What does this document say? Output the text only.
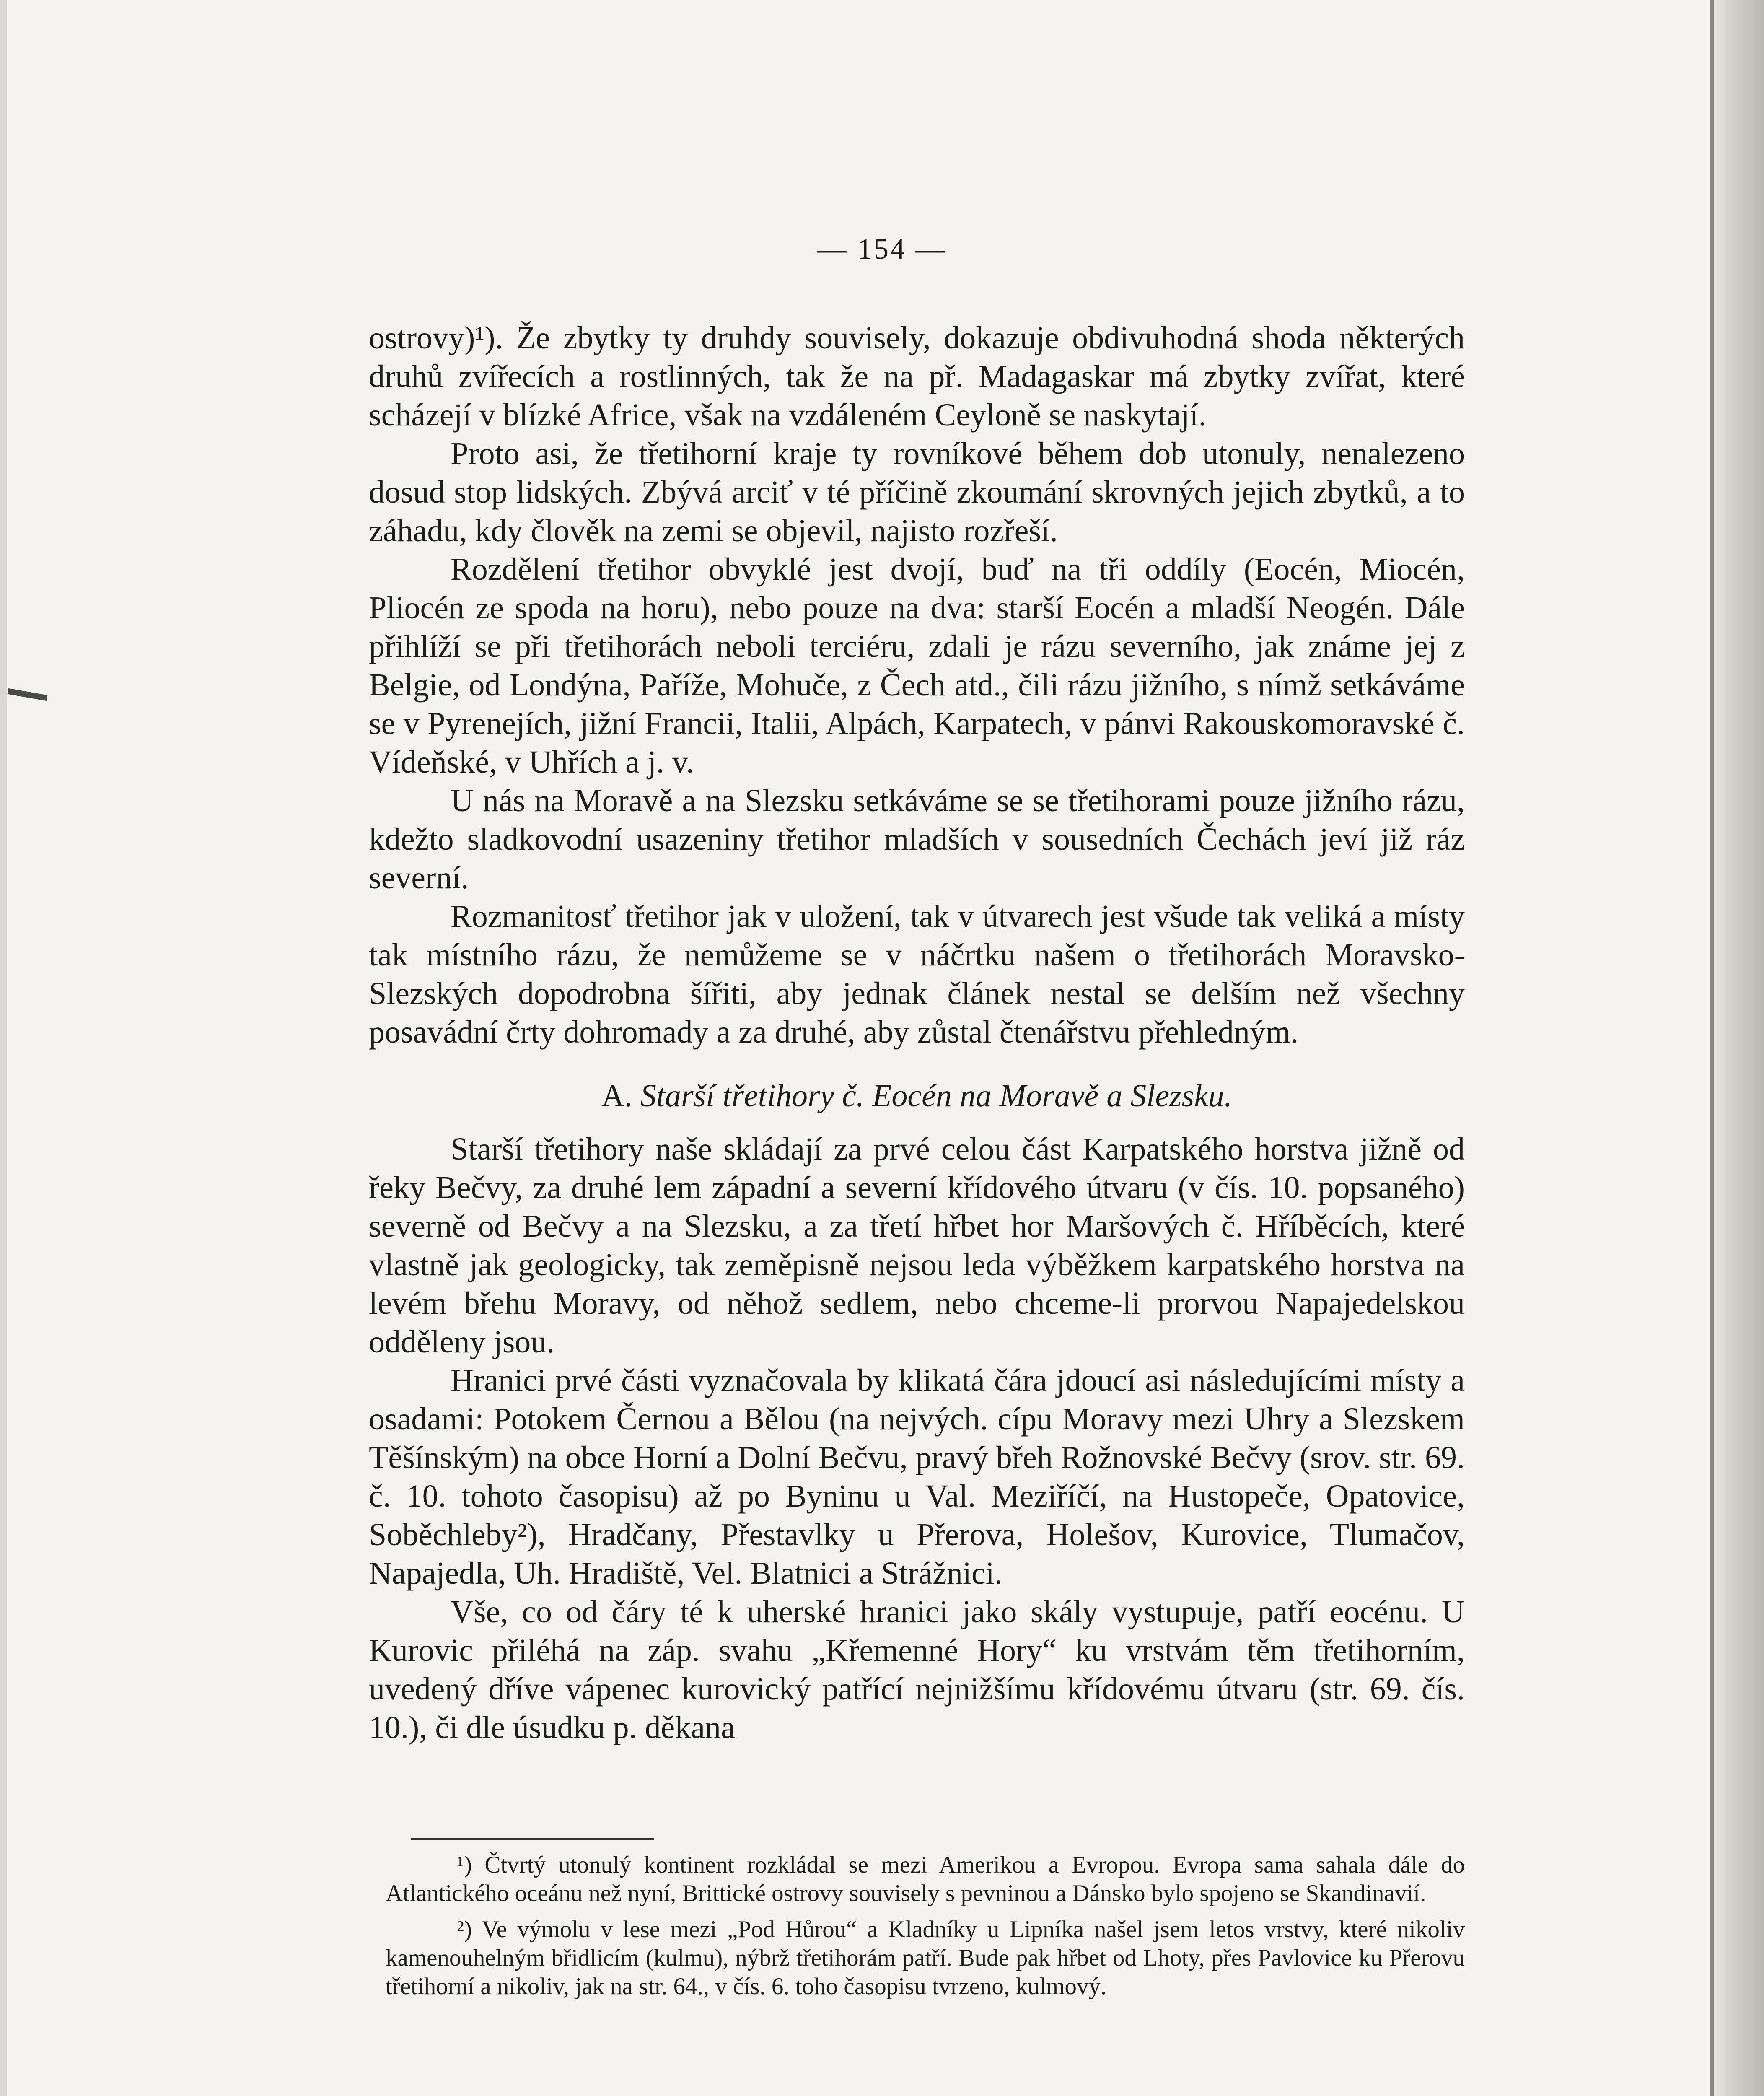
— 154 —

ostrovy)¹). Že zbytky ty druhdy souvisely, dokazuje obdivuhodná shoda některých druhů zvířecích a rostlinných, tak že na př. Madagaskar má zbytky zvířat, které scházejí v blízké Africe, však na vzdáleném Ceyloně se naskytají.

Proto asi, že třetihorní kraje ty rovníkové během dob utonuly, nenalezeno dosud stop lidských. Zbývá arciť v té příčině zkoumání skrovných jejich zbytků, a to záhadu, kdy člověk na zemi se objevil, najisto rozřeší.

Rozdělení třetihor obvyklé jest dvojí, buď na tři oddíly (Eocén, Miocén, Pliocén ze spoda na horu), nebo pouze na dva: starší Eocén a mladší Neogén. Dále přihlíží se při třetihorách neboli terciéru, zdali je rázu severního, jak známe jej z Belgie, od Londýna, Paříže, Mohuče, z Čech atd., čili rázu jižního, s nímž setkáváme se v Pyrenejích, jižní Francii, Italii, Alpách, Karpatech, v pánvi Rakouskomoravské č. Vídeňské, v Uhřích a j. v.

U nás na Moravě a na Slezsku setkáváme se se třetihorami pouze jižního rázu, kdežto sladkovodní usazeniny třetihor mladších v sousedních Čechách jeví již ráz severní.

Rozmanitosť třetihor jak v uložení, tak v útvarech jest všude tak veliká a místy tak místního rázu, že nemůžeme se v náčrtku našem o třetihorách Moravsko-Slezských dopodrobna šířiti, aby jednak článek nestal se delším než všechny posavádní črty dohromady a za druhé, aby zůstal čtenářstvu přehledným.

A. Starší třetihory č. Eocén na Moravě a Slezsku.

Starší třetihory naše skládají za prvé celou část Karpatského horstva jižně od řeky Bečvy, za druhé lem západní a severní křídového útvaru (v čís. 10. popsaného) severně od Bečvy a na Slezsku, a za třetí hřbet hor Maršových č. Hříběcích, které vlastně jak geologicky, tak zeměpisně nejsou leda výběžkem karpatského horstva na levém břehu Moravy, od něhož sedlem, nebo chceme-li prorvou Napajedelskou odděleny jsou.

Hranici prvé části vyznačovala by klikatá čára jdoucí asi následujícími místy a osadami: Potokem Černou a Bělou (na nejvých. cípu Moravy mezi Uhry a Slezskem Těšínským) na obce Horní a Dolní Bečvu, pravý břeh Rožnovské Bečvy (srov. str. 69. č. 10. tohoto časopisu) až po Byninu u Val. Meziříčí, na Hustopeče, Opatovice, Soběchleby²), Hradčany, Přestavlky u Přerova, Holešov, Kurovice, Tlumačov, Napajedla, Uh. Hradiště, Vel. Blatnici a Strážnici.

Vše, co od čáry té k uherské hranici jako skály vystupuje, patří eocénu. U Kurovic přiléhá na záp. svahu „Křemenné Hory“ ku vrstvám těm třetihorním, uvedený dříve vápenec kurovický patřící nejnižšímu křídovému útvaru (str. 69. čís. 10.), či dle úsudku p. děkana

¹) Čtvrtý utonulý kontinent rozkládal se mezi Amerikou a Evropou. Evropa sama sahala dále do Atlantického oceánu než nyní, Brittické ostrovy souvisely s pevninou a Dánsko bylo spojeno se Skandinavií.

²) Ve výmolu v lese mezi „Pod Hůrou“ a Kladníky u Lipníka našel jsem letos vrstvy, které nikoliv kamenouhelným břidlicím (kulmu), nýbrž třetihorám patří. Bude pak hřbet od Lhoty, přes Pavlovice ku Přerovu třetihorní a nikoliv, jak na str. 64., v čís. 6. toho časopisu tvrzeno, kulmový.
